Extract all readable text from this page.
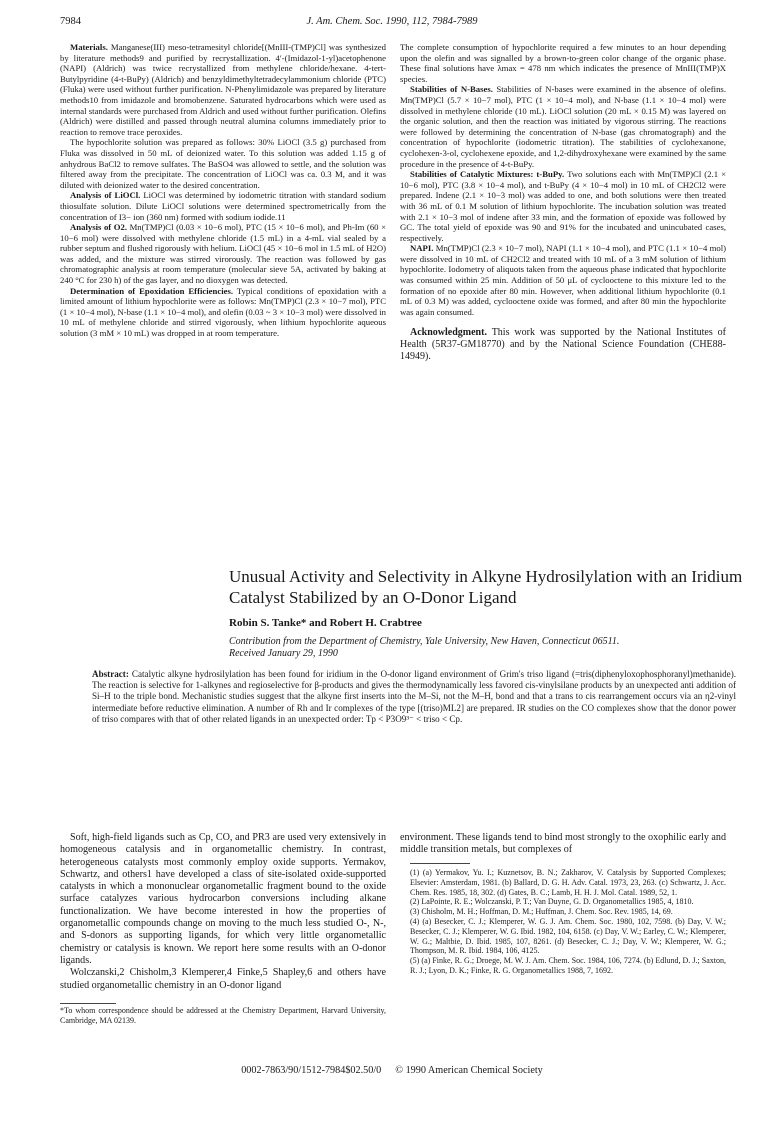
7984	J. Am. Chem. Soc. 1990, 112, 7984-7989

Materials. Manganese(III) meso-tetramesityl chloride[(MnIII-(TMP)Cl] was synthesized by literature methods9 and purified by recrystallization. 4′-(Imidazol-1-yl)acetophenone (NAPI) (Aldrich) was twice recrystallized from methylene chloride/hexane. 4-tert-Butylpyridine (4-t-BuPy) (Aldrich) and benzyldimethyltetradecylammonium chloride (PTC) (Fluka) were used without further purification. N-Phenylimidazole was prepared by literature methods10 from imidazole and bromobenzene. Saturated hydrocarbons which were used as internal standards were purchased from Aldrich and used without further purification. Olefins (Aldrich) were distilled and passed through neutral alumina columns immediately prior to reaction to remove trace peroxides.

The hypochlorite solution was prepared as follows: 30% LiOCl (3.5 g) purchased from Fluka was dissolved in 50 mL of deionized water. To this solution was added 1.15 g of anhydrous BaCl2 to remove sulfates. The BaSO4 was allowed to settle, and the solution was filtered away from the precipitate. The concentration of LiOCl was ca. 0.3 M, and it was diluted with deionized water to the desired concentration.

Analysis of LiOCl. LiOCl was determined by iodometric titration with standard sodium thiosulfate solution. Dilute LiOCl solutions were determined spectrometrically from the concentration of I3− ion (360 nm) formed with sodium iodide.11

Analysis of O2. Mn(TMP)Cl (0.03 × 10−6 mol), PTC (15 × 10−6 mol), and Ph-Im (60 × 10−6 mol) were dissolved with methylene chloride (1.5 mL) in a 4-mL vial sealed by a rubber septum and flushed rigorously with helium. LiOCl (45 × 10−6 mol in 1.5 mL of H2O) was added, and the mixture was stirred virorously. The reaction was followed by gas chromatographic analysis at room temperature (molecular sieve 5A, activated by baking at 240 °C for 230 h) of the gas layer, and no dioxygen was detected.

Determination of Epoxidation Efficiencies. Typical conditions of epoxidation with a limited amount of lithium hypochlorite were as follows: Mn(TMP)Cl (2.3 × 10−7 mol), PTC (1 × 10−4 mol), N-base (1.1 × 10−4 mol), and olefin (0.03 ~ 3 × 10−3 mol) were dissolved in 10 mL of methylene chloride and stirred vigorously, when lithium hypochlorite aqueous solution (3 mM × 10 mL) was dropped in at room temperature.

The complete consumption of hypochlorite required a few minutes to an hour depending upon the olefin and was signalled by a brown-to-green color change of the organic phase. These final solutions have λmax = 478 nm which indicates the presence of MnIII(TMP)X species.

Stabilities of N-Bases. Stabilities of N-bases were examined in the absence of olefins. Mn(TMP)Cl (5.7 × 10−7 mol), PTC (1 × 10−4 mol), and N-base (1.1 × 10−4 mol) were dissolved in methylene chloride (10 mL). LiOCl solution (20 mL × 0.15 M) was layered on the organic solution, and then the reaction was initiated by vigorous stirring. The reactions were followed by determining the concentration of N-base (gas chromatograph) and the concentration of hypochlorite (iodometric titration). The stabilities of cyclohexanone, cyclohexen-3-ol, cyclohexene epoxide, and 1,2-dihydroxyhexane were examined by the same procedure in the presence of 4-t-BuPy.

Stabilities of Catalytic Mixtures: t-BuPy. Two solutions each with Mn(TMP)Cl (2.1 × 10−6 mol), PTC (3.8 × 10−4 mol), and t-BuPy (4 × 10−4 mol) in 10 mL of CH2Cl2 were prepared. Indene (2.1 × 10−3 mol) was added to one, and both solutions were then treated with 36 mL of 0.1 M solution of lithium hypochlorite. The incubation solution was treated with 2.1 × 10−3 mol of indene after 33 min, and the formation of epoxide was followed by GC. The total yield of epoxide was 90 and 91% for the incubated and unincubated cases, respectively.

NAPI. Mn(TMP)Cl (2.3 × 10−7 mol), NAPI (1.1 × 10−4 mol), and PTC (1.1 × 10−4 mol) were dissolved in 10 mL of CH2Cl2 and treated with 10 mL of a 3 mM solution of lithium hypochlorite. Iodometry of aliquots taken from the aqueous phase indicated that hypochlorite was consumed within 25 min. Addition of 50 μL of cyclooctene to this mixture led to the formation of no epoxide after 80 min. However, when additional lithium hypochlorite (0.1 mL of 0.3 M) was added, cyclooctene oxide was formed, and after 80 min the hypochlorite was again consumed.

Acknowledgment. This work was supported by the National Institutes of Health (5R37-GM18770) and by the National Science Foundation (CHE88-14949).

Unusual Activity and Selectivity in Alkyne Hydrosilylation with an Iridium Catalyst Stabilized by an O-Donor Ligand
Robin S. Tanke* and Robert H. Crabtree
Contribution from the Department of Chemistry, Yale University, New Haven, Connecticut 06511.
Received January 29, 1990
Abstract: Catalytic alkyne hydrosilylation has been found for iridium in the O-donor ligand environment of Grim's triso ligand (=tris(diphenyloxophosphoranyl)methanide). The reaction is selective for 1-alkynes and regioselective for β-products and gives the thermodynamically less favored cis-vinylsilane products by an unexpected anti addition of Si–H to the triple bond. Mechanistic studies suggest that the alkyne first inserts into the M–Si, not the M–H, bond and that a trans to cis rearrangement occurs via an η2-vinyl intermediate before reductive elimination. A number of Rh and Ir complexes of the type [(triso)ML2] are prepared. IR studies on the CO complexes show that the donor power of triso compares with that of other related ligands in an unexpected order: Tp < P3O9³⁻ < triso < Cp.

Soft, high-field ligands such as Cp, CO, and PR3 are used very extensively in homogeneous catalysis and in organometallic chemistry. In contrast, heterogeneous catalysts most commonly employ oxide supports. Yermakov, Schwartz, and others1 have developed a class of site-isolated oxide-supported catalysts in which a mononuclear organometallic fragment bound to the oxide surface catalyzes various hydrocarbon conversions including alkane functionalization. We have become interested in how the properties of organometallic compounds change on moving to the much less studied O-, N-, and S-donors as supporting ligands, for which very little organometallic chemistry or catalysis is known. We report here some results with an O-donor ligands.

Wolczanski,2 Chisholm,3 Klemperer,4 Finke,5 Shapley,6 and others have studied organometallic chemistry in an O-donor ligand

*To whom correspondence should be addressed at the Chemistry Department, Harvard University, Cambridge, MA 02139.

environment. These ligands tend to bind most strongly to the oxophilic early and middle transition metals, but complexes of

(1) (a) Yermakov, Yu. I.; Kuznetsov, B. N.; Zakharov, V. Catalysis by Supported Complexes; Elsevier: Amsterdam, 1981. (b) Ballard, D. G. H. Adv. Catal. 1973, 23, 263. (c) Schwartz, J. Acc. Chem. Res. 1985, 18, 302. (d) Gates, B. C.; Lamb, H. H. J. Mol. Catal. 1989, 52, 1.
(2) LaPointe, R. E.; Wolczanski, P. T.; Van Duyne, G. D. Organometallics 1985, 4, 1810.
(3) Chisholm, M. H.; Hoffman, D. M.; Huffman, J. Chem. Soc. Rev. 1985, 14, 69.
(4) (a) Besecker, C. J.; Klemperer, W. G. J. Am. Chem. Soc. 1980, 102, 7598. (b) Day, V. W.; Besecker, C. J.; Klemperer, W. G. Ibid. 1982, 104, 6158. (c) Day, V. W.; Earley, C. W.; Klemperer, W. G.; Maltbie, D. Ibid. 1985, 107, 8261. (d) Besecker, C. J.; Day, V. W.; Klemperer, W. G.; Thompson, M. R. Ibid. 1984, 106, 4125.
(5) (a) Finke, R. G.; Droege, M. W. J. Am. Chem. Soc. 1984, 106, 7274. (b) Edlund, D. J.; Saxton, R. J.; Lyon, D. K.; Finke, R. G. Organometallics 1988, 7, 1692.
0002-7863/90/1512-7984$02.50/0 © 1990 American Chemical Society
